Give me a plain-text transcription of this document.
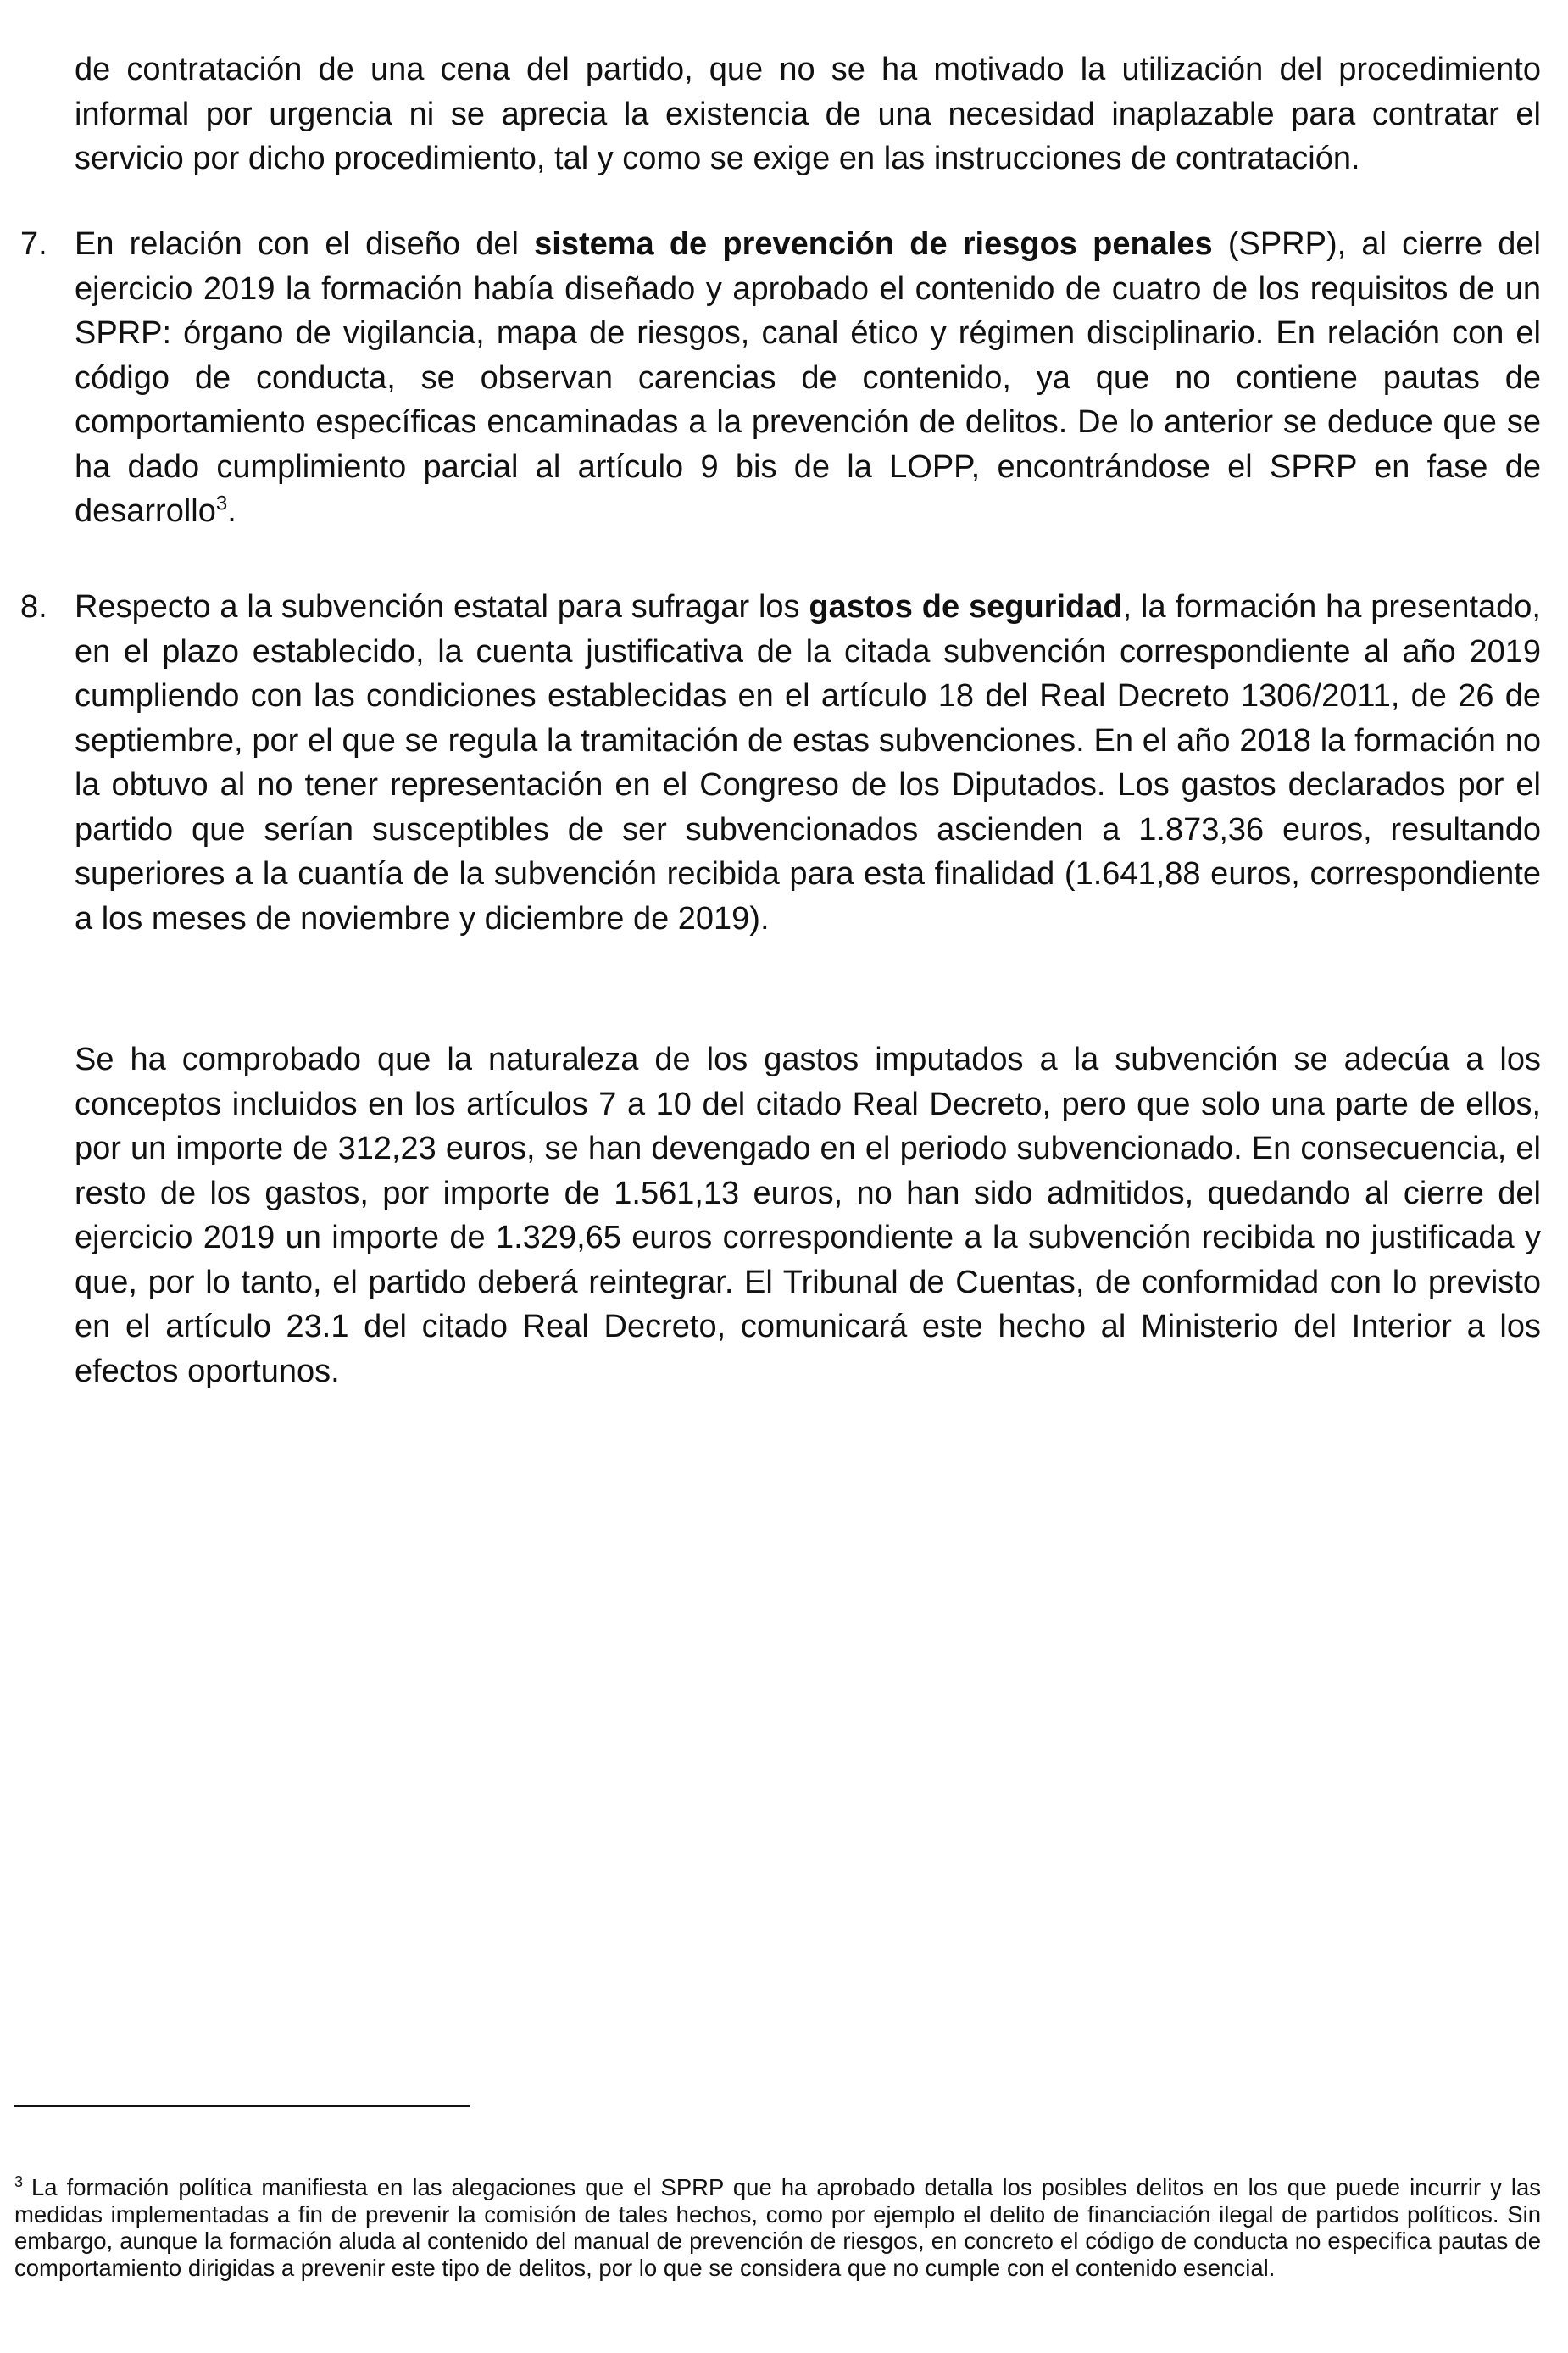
de contratación de una cena del partido, que no se ha motivado la utilización del procedimiento informal por urgencia ni se aprecia la existencia de una necesidad inaplazable para contratar el servicio por dicho procedimiento, tal y como se exige en las instrucciones de contratación.

7. En relación con el diseño del sistema de prevención de riesgos penales (SPRP), al cierre del ejercicio 2019 la formación había diseñado y aprobado el contenido de cuatro de los requisitos de un SPRP: órgano de vigilancia, mapa de riesgos, canal ético y régimen disciplinario. En relación con el código de conducta, se observan carencias de contenido, ya que no contiene pautas de comportamiento específicas encaminadas a la prevención de delitos. De lo anterior se deduce que se ha dado cumplimiento parcial al artículo 9 bis de la LOPP, encontrándose el SPRP en fase de desarrollo$^3$.
8. Respecto a la subvención estatal para sufragar los gastos de seguridad, la formación ha presentado, en el plazo establecido, la cuenta justificativa de la citada subvención correspondiente al año 2019 cumpliendo con las condiciones establecidas en el artículo 18 del Real Decreto 1306/2011, de 26 de septiembre, por el que se regula la tramitación de estas subvenciones. En el año 2018 la formación no la obtuvo al no tener representación en el Congreso de los Diputados. Los gastos declarados por el partido que serían susceptibles de ser subvencionados ascienden a 1.873,36 euros, resultando superiores a la cuantía de la subvención recibida para esta finalidad (1.641,88 euros, correspondiente a los meses de noviembre y diciembre de 2019).

Se ha comprobado que la naturaleza de los gastos imputados a la subvención se adecúa a los conceptos incluidos en los artículos 7 a 10 del citado Real Decreto, pero que solo una parte de ellos, por un importe de 312,23 euros, se han devengado en el periodo subvencionado. En consecuencia, el resto de los gastos, por importe de 1.561,13 euros, no han sido admitidos, quedando al cierre del ejercicio 2019 un importe de 1.329,65 euros correspondiente a la subvención recibida no justificada y que, por lo tanto, el partido deberá reintegrar. El Tribunal de Cuentas, de conformidad con lo previsto en el artículo 23.1 del citado Real Decreto, comunicará este hecho al Ministerio del Interior a los efectos oportunos.

$^3$ La formación política manifiesta en las alegaciones que el SPRP que ha aprobado detalla los posibles delitos en los que puede incurrir y las medidas implementadas a fin de prevenir la comisión de tales hechos, como por ejemplo el delito de financiación ilegal de partidos políticos. Sin embargo, aunque la formación aluda al contenido del manual de prevención de riesgos, en concreto el código de conducta no especifica pautas de comportamiento dirigidas a prevenir este tipo de delitos, por lo que se considera que no cumple con el contenido esencial.
